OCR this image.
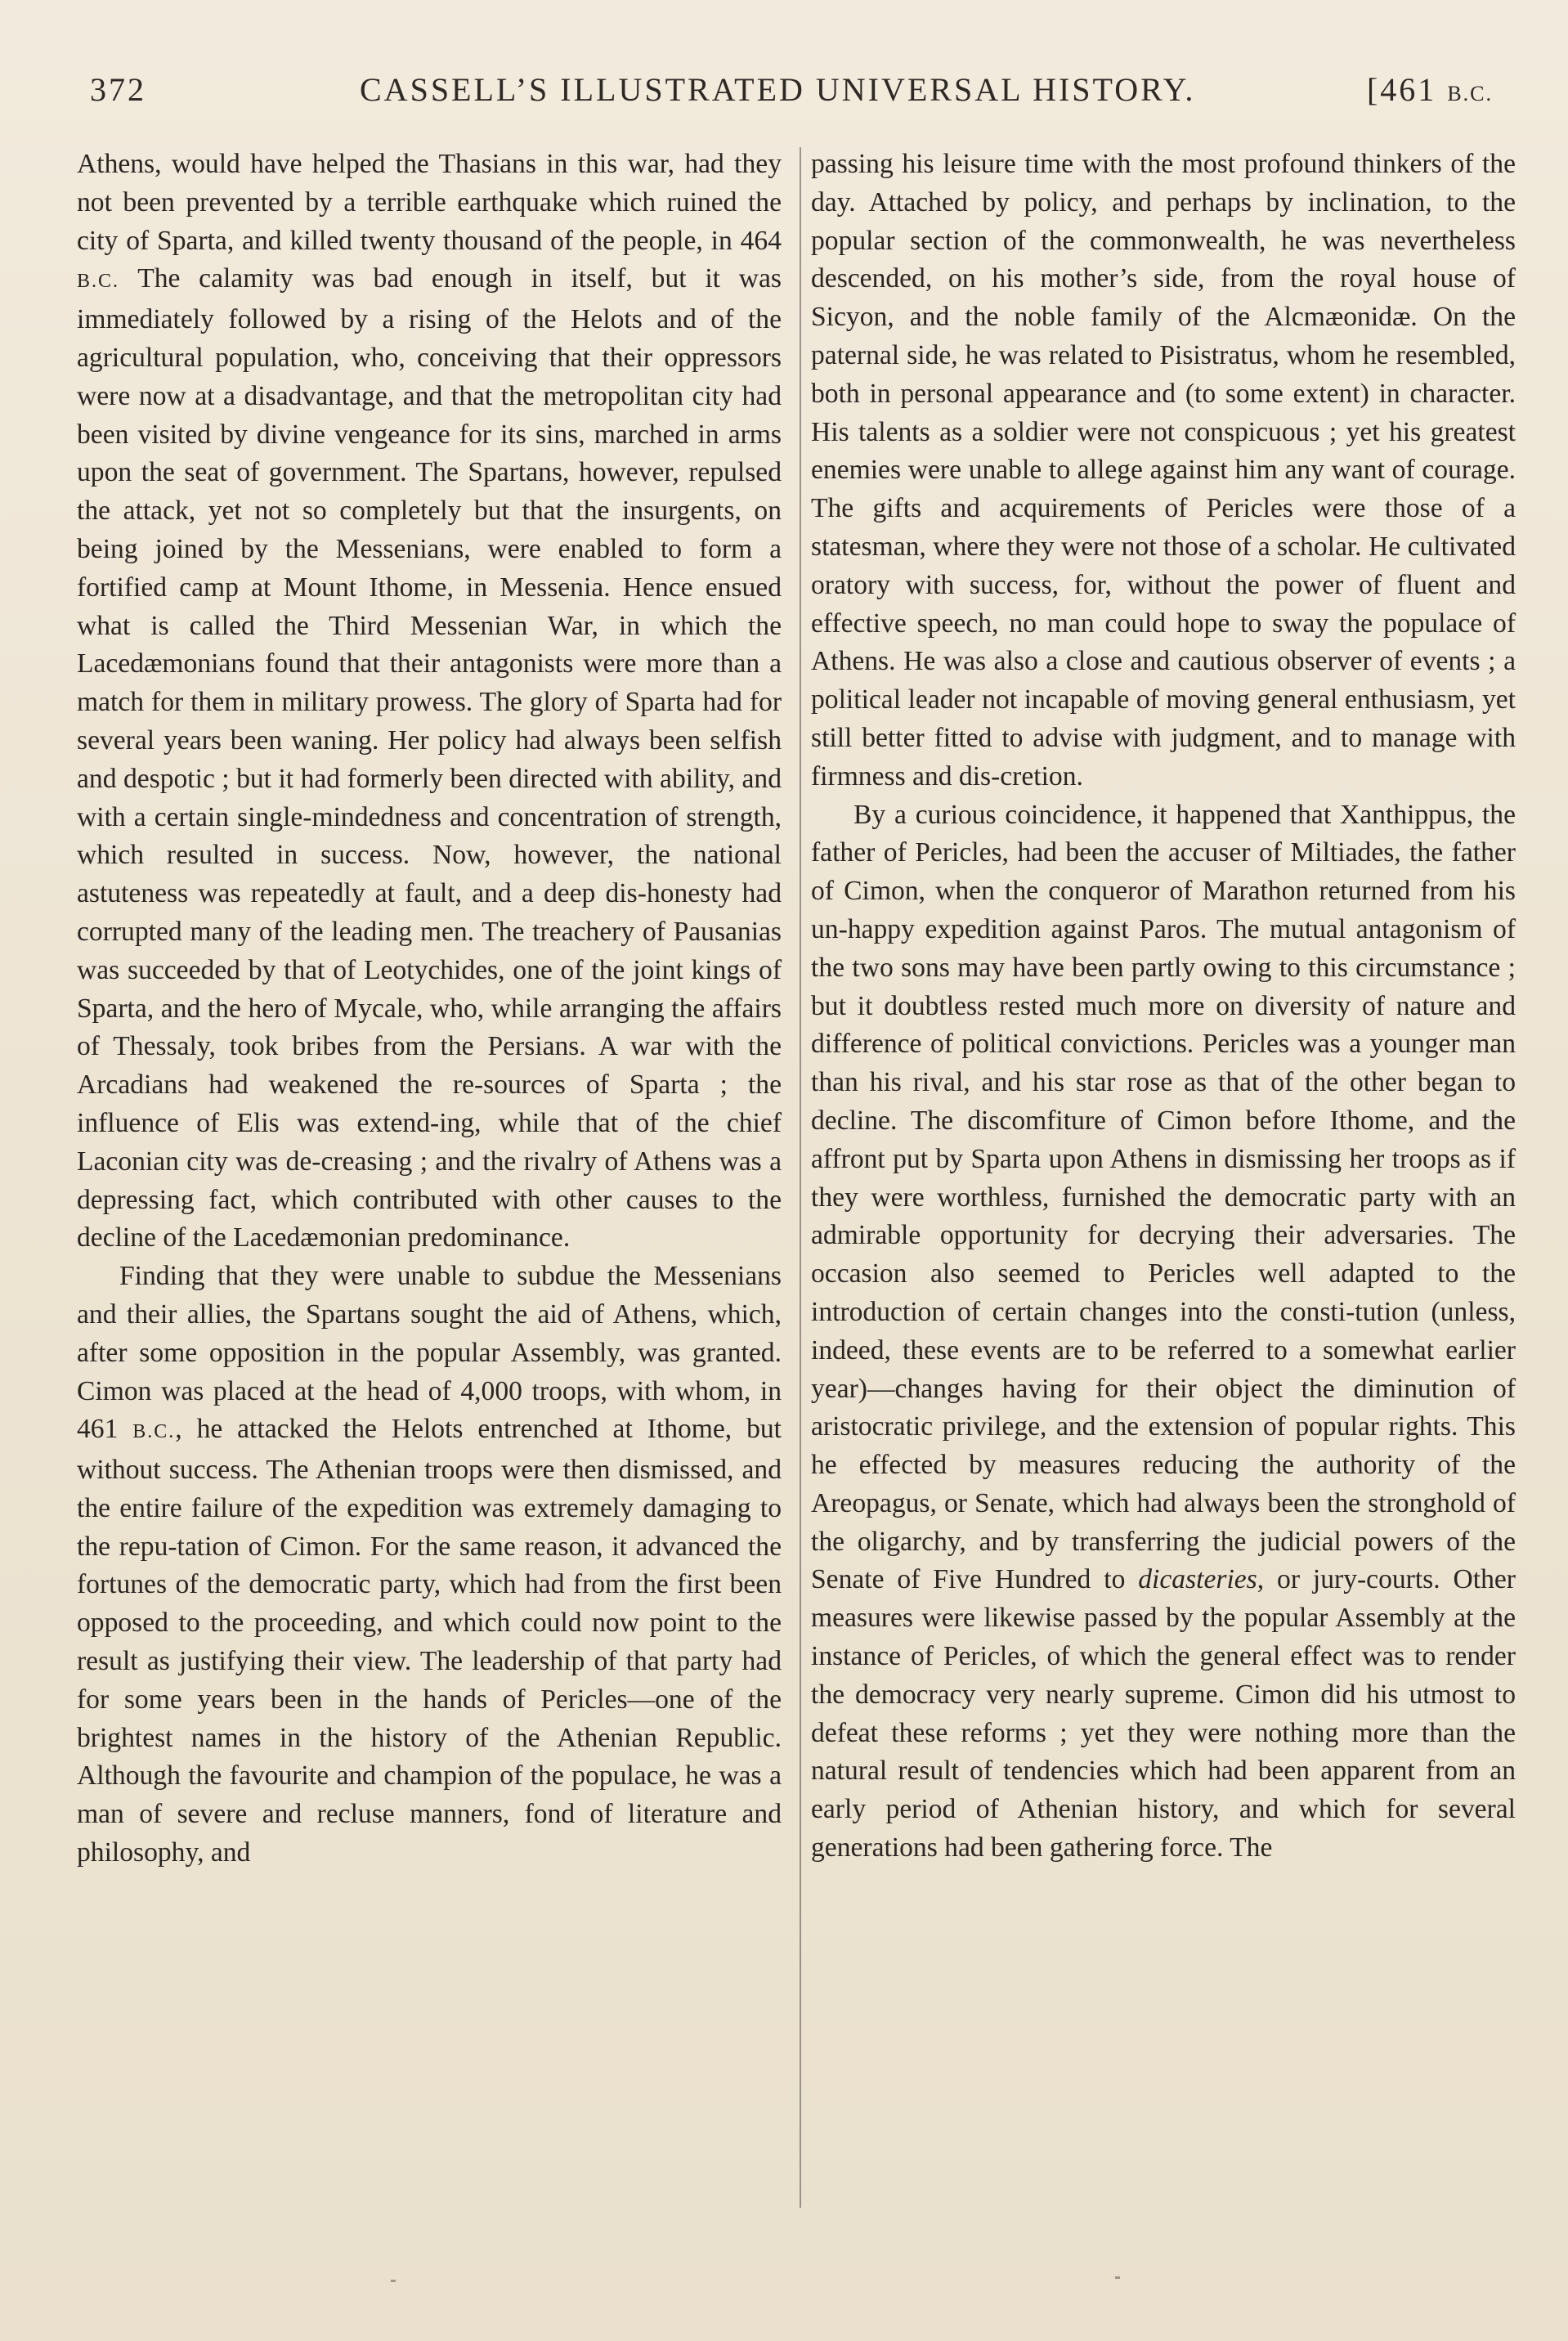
372	CASSELL’S ILLUSTRATED UNIVERSAL HISTORY.	[461 B.C.

Athens, would have helped the Thasians in this war, had they not been prevented by a terrible earthquake which ruined the city of Sparta, and killed twenty thousand of the people, in 464 B.C. The calamity was bad enough in itself, but it was immediately followed by a rising of the Helots and of the agricultural population, who, conceiving that their oppressors were now at a disadvantage, and that the metropolitan city had been visited by divine vengeance for its sins, marched in arms upon the seat of government. The Spartans, however, repulsed the attack, yet not so completely but that the insurgents, on being joined by the Messenians, were enabled to form a fortified camp at Mount Ithome, in Messenia. Hence ensued what is called the Third Messenian War, in which the Lacedæmonians found that their antagonists were more than a match for them in military prowess. The glory of Sparta had for several years been waning. Her policy had always been selfish and despotic ; but it had formerly been directed with ability, and with a certain single-mindedness and concentration of strength, which resulted in success. Now, however, the national astuteness was repeatedly at fault, and a deep dis-honesty had corrupted many of the leading men. The treachery of Pausanias was succeeded by that of Leotychides, one of the joint kings of Sparta, and the hero of Mycale, who, while arranging the affairs of Thessaly, took bribes from the Persians. A war with the Arcadians had weakened the re-sources of Sparta ; the influence of Elis was extend-ing, while that of the chief Laconian city was de-creasing ; and the rivalry of Athens was a depressing fact, which contributed with other causes to the decline of the Lacedæmonian predominance.

Finding that they were unable to subdue the Messenians and their allies, the Spartans sought the aid of Athens, which, after some opposition in the popular Assembly, was granted. Cimon was placed at the head of 4,000 troops, with whom, in 461 B.C., he attacked the Helots entrenched at Ithome, but without success. The Athenian troops were then dismissed, and the entire failure of the expedition was extremely damaging to the repu-tation of Cimon. For the same reason, it advanced the fortunes of the democratic party, which had from the first been opposed to the proceeding, and which could now point to the result as justifying their view. The leadership of that party had for some years been in the hands of Pericles—one of the brightest names in the history of the Athenian Republic. Although the favourite and champion of the populace, he was a man of severe and recluse manners, fond of literature and philosophy, and

passing his leisure time with the most profound thinkers of the day. Attached by policy, and perhaps by inclination, to the popular section of the commonwealth, he was nevertheless descended, on his mother’s side, from the royal house of Sicyon, and the noble family of the Alcmæonidæ. On the paternal side, he was related to Pisistratus, whom he resembled, both in personal appearance and (to some extent) in character. His talents as a soldier were not conspicuous ; yet his greatest enemies were unable to allege against him any want of courage. The gifts and acquirements of Pericles were those of a statesman, where they were not those of a scholar. He cultivated oratory with success, for, without the power of fluent and effective speech, no man could hope to sway the populace of Athens. He was also a close and cautious observer of events ; a political leader not incapable of moving general enthusiasm, yet still better fitted to advise with judgment, and to manage with firmness and dis-cretion.

By a curious coincidence, it happened that Xanthippus, the father of Pericles, had been the accuser of Miltiades, the father of Cimon, when the conqueror of Marathon returned from his un-happy expedition against Paros. The mutual antagonism of the two sons may have been partly owing to this circumstance ; but it doubtless rested much more on diversity of nature and difference of political convictions. Pericles was a younger man than his rival, and his star rose as that of the other began to decline. The discomfiture of Cimon before Ithome, and the affront put by Sparta upon Athens in dismissing her troops as if they were worthless, furnished the democratic party with an admirable opportunity for decrying their adversaries. The occasion also seemed to Pericles well adapted to the introduction of certain changes into the consti-tution (unless, indeed, these events are to be referred to a somewhat earlier year)—changes having for their object the diminution of aristocratic privilege, and the extension of popular rights. This he effected by measures reducing the authority of the Areopagus, or Senate, which had always been the stronghold of the oligarchy, and by transferring the judicial powers of the Senate of Five Hundred to dicasteries, or jury-courts. Other measures were likewise passed by the popular Assembly at the instance of Pericles, of which the general effect was to render the democracy very nearly supreme. Cimon did his utmost to defeat these reforms ; yet they were nothing more than the natural result of tendencies which had been apparent from an early period of Athenian history, and which for several generations had been gathering force. The
